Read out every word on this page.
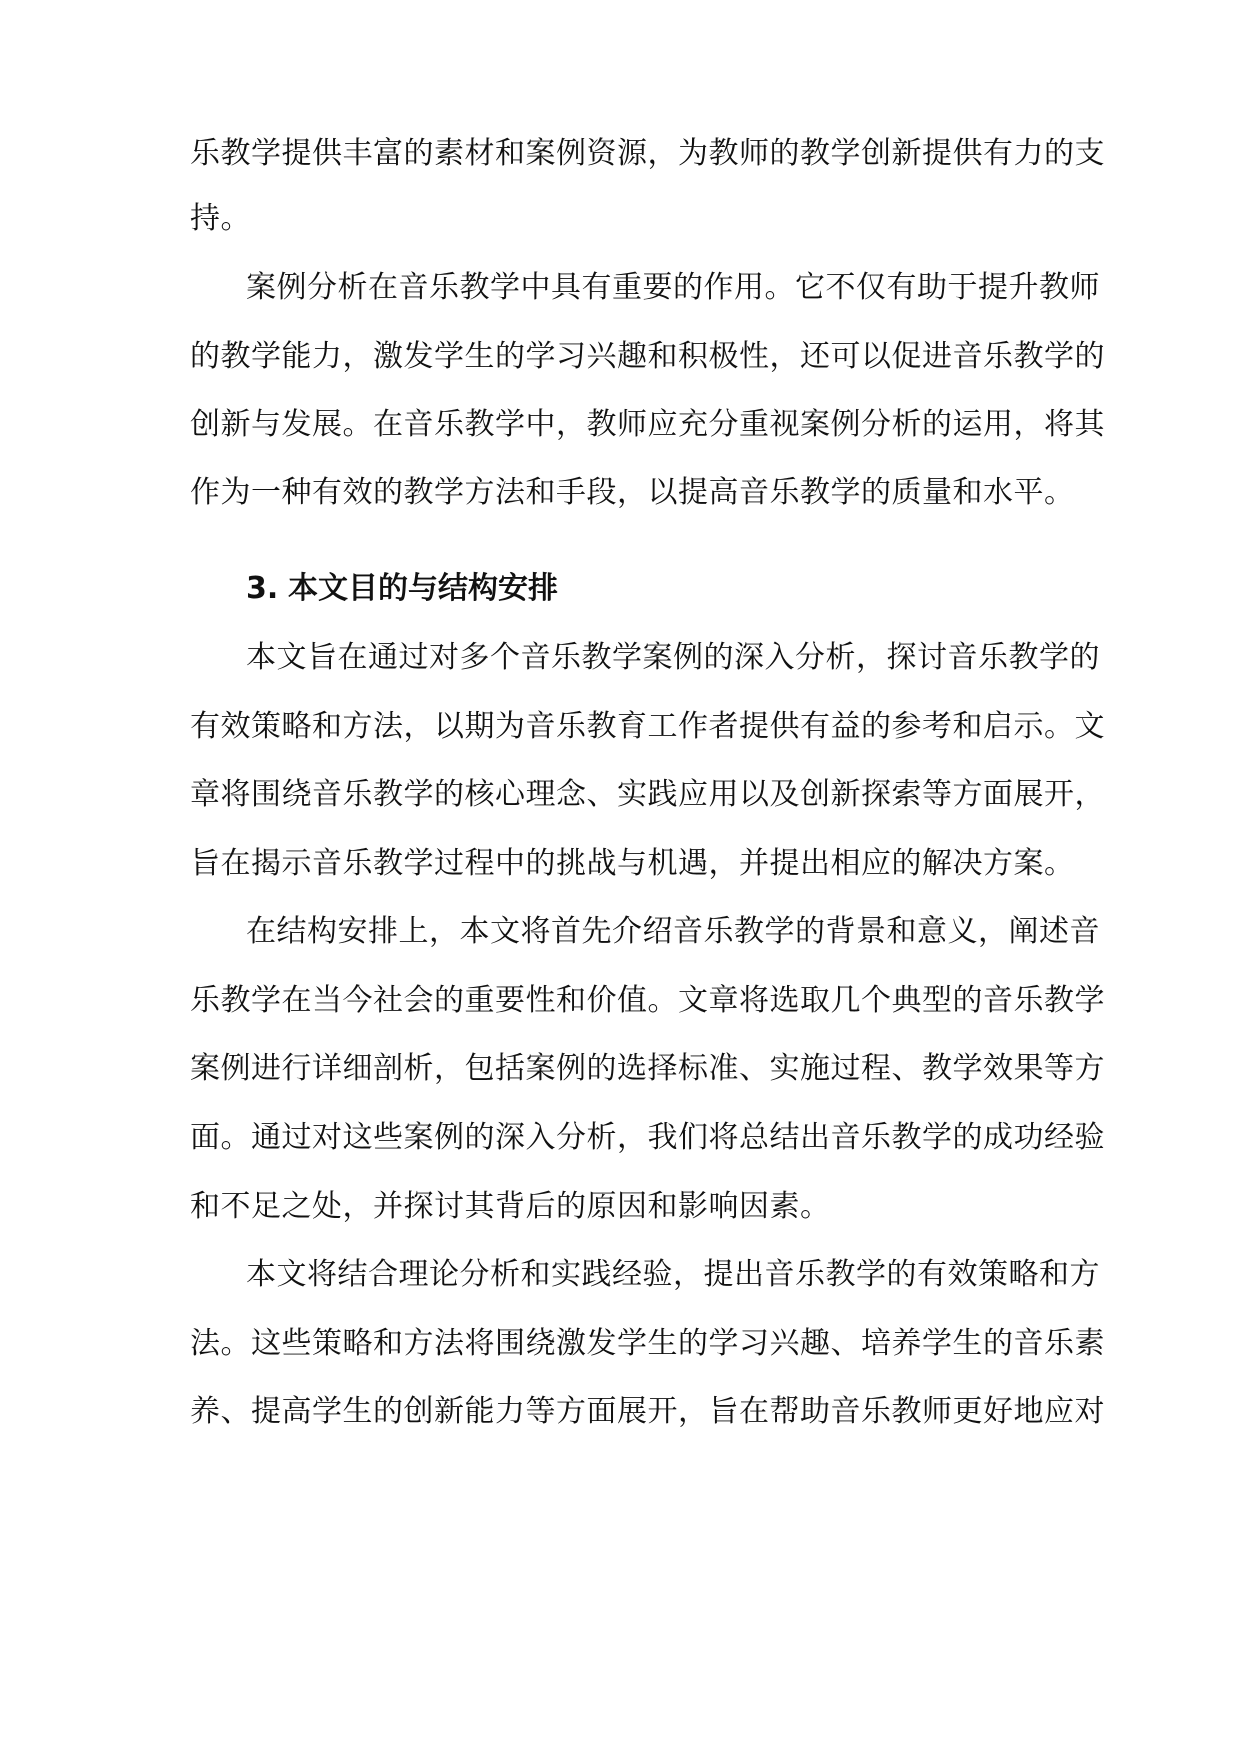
乐教学提供丰富的素材和案例资源，为教师的教学创新提供有力的支
持。
案例分析在音乐教学中具有重要的作用。它不仅有助于提升教师
的教学能力，激发学生的学习兴趣和积极性，还可以促进音乐教学的
创新与发展。在音乐教学中，教师应充分重视案例分析的运用，将其
作为一种有效的教学方法和手段，以提高音乐教学的质量和水平。
3. 本文目的与结构安排
本文旨在通过对多个音乐教学案例的深入分析，探讨音乐教学的
有效策略和方法，以期为音乐教育工作者提供有益的参考和启示。文
章将围绕音乐教学的核心理念、实践应用以及创新探索等方面展开，
旨在揭示音乐教学过程中的挑战与机遇，并提出相应的解决方案。
在结构安排上，本文将首先介绍音乐教学的背景和意义，阐述音
乐教学在当今社会的重要性和价值。文章将选取几个典型的音乐教学
案例进行详细剖析，包括案例的选择标准、实施过程、教学效果等方
面。通过对这些案例的深入分析，我们将总结出音乐教学的成功经验
和不足之处，并探讨其背后的原因和影响因素。
本文将结合理论分析和实践经验，提出音乐教学的有效策略和方
法。这些策略和方法将围绕激发学生的学习兴趣、培养学生的音乐素
养、提高学生的创新能力等方面展开，旨在帮助音乐教师更好地应对
